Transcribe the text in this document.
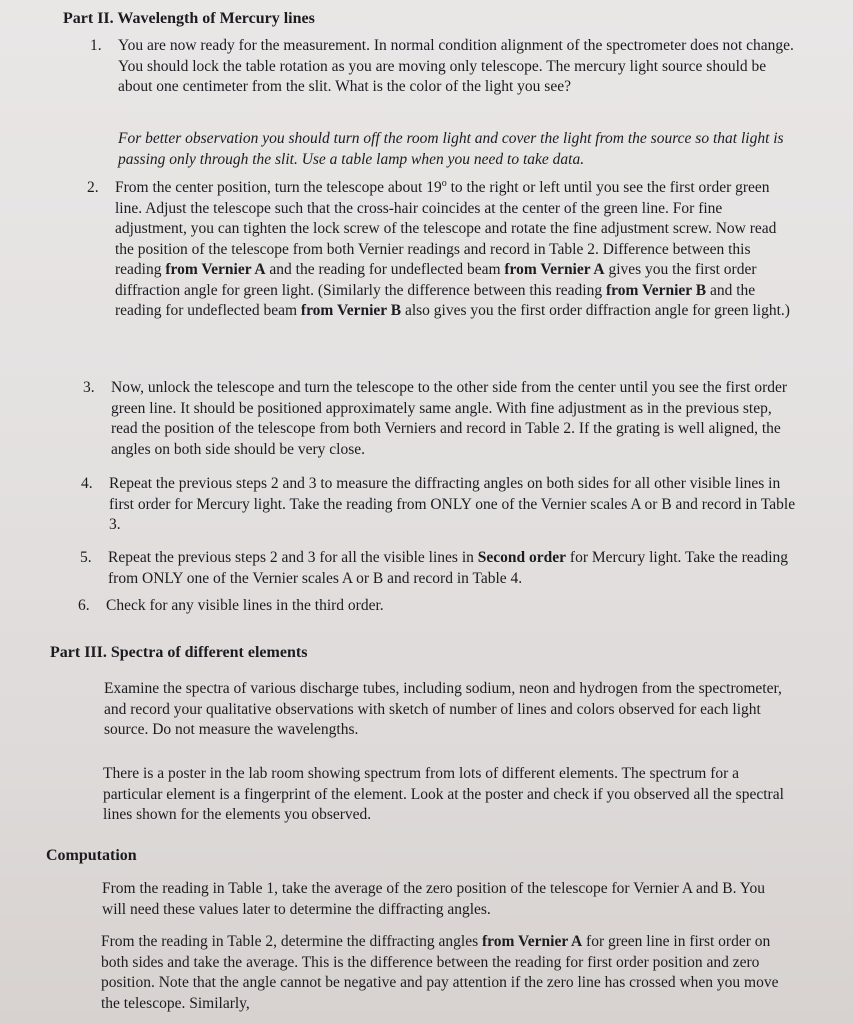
Part II. Wavelength of Mercury lines
1. You are now ready for the measurement. In normal condition alignment of the spectrometer does not change. You should lock the table rotation as you are moving only telescope. The mercury light source should be about one centimeter from the slit. What is the color of the light you see?
For better observation you should turn off the room light and cover the light from the source so that light is passing only through the slit. Use a table lamp when you need to take data.
2. From the center position, turn the telescope about 19$^o$ to the right or left until you see the first order green line. Adjust the telescope such that the cross-hair coincides at the center of the green line. For fine adjustment, you can tighten the lock screw of the telescope and rotate the fine adjustment screw. Now read the position of the telescope from both Vernier readings and record in Table 2. Difference between this reading from Vernier A and the reading for undeflected beam from Vernier A gives you the first order diffraction angle for green light. (Similarly the difference between this reading from Vernier B and the reading for undeflected beam from Vernier B also gives you the first order diffraction angle for green light.)
3. Now, unlock the telescope and turn the telescope to the other side from the center until you see the first order green line. It should be positioned approximately same angle. With fine adjustment as in the previous step, read the position of the telescope from both Verniers and record in Table 2. If the grating is well aligned, the angles on both side should be very close.
4. Repeat the previous steps 2 and 3 to measure the diffracting angles on both sides for all other visible lines in first order for Mercury light. Take the reading from ONLY one of the Vernier scales A or B and record in Table 3.
5. Repeat the previous steps 2 and 3 for all the visible lines in Second order for Mercury light. Take the reading from ONLY one of the Vernier scales A or B and record in Table 4.
6. Check for any visible lines in the third order.
Part III. Spectra of different elements
Examine the spectra of various discharge tubes, including sodium, neon and hydrogen from the spectrometer, and record your qualitative observations with sketch of number of lines and colors observed for each light source. Do not measure the wavelengths.
There is a poster in the lab room showing spectrum from lots of different elements. The spectrum for a particular element is a fingerprint of the element. Look at the poster and check if you observed all the spectral lines shown for the elements you observed.
Computation
From the reading in Table 1, take the average of the zero position of the telescope for Vernier A and B. You will need these values later to determine the diffracting angles.
From the reading in Table 2, determine the diffracting angles from Vernier A for green line in first order on both sides and take the average. This is the difference between the reading for first order position and zero position. Note that the angle cannot be negative and pay attention if the zero line has crossed when you move the telescope. Similarly,
